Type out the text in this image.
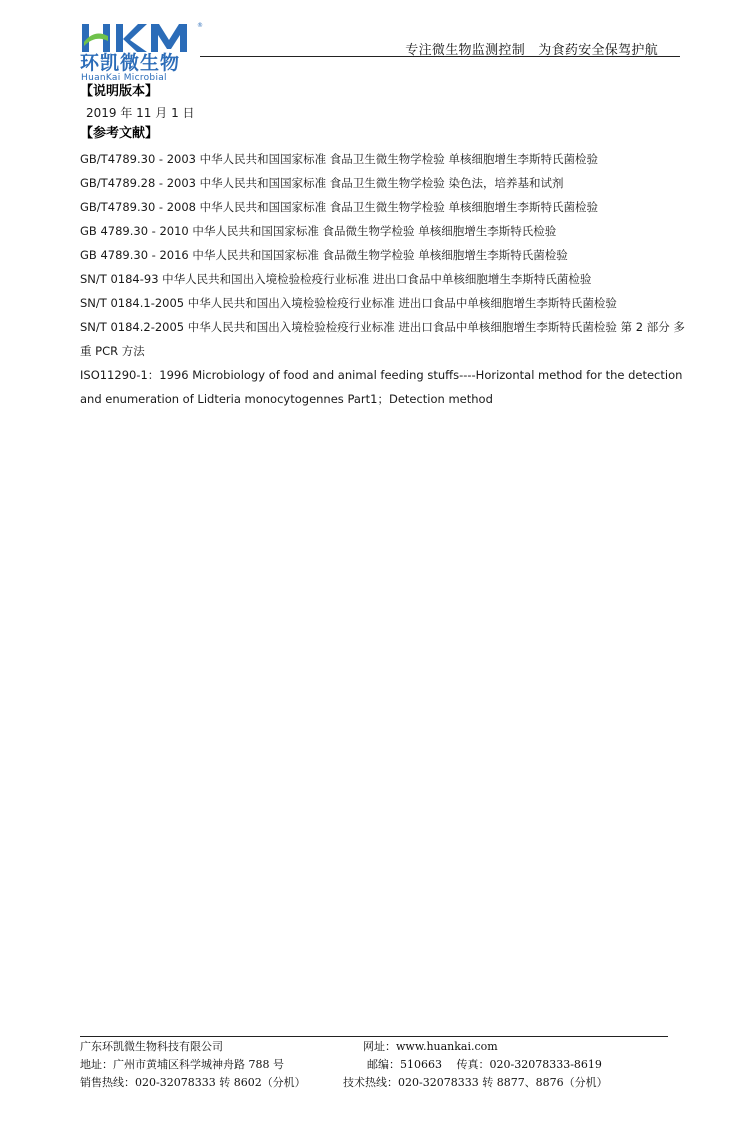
®
环凯微生物
HuanKai Microbial
专注微生物监测控制　为食药安全保驾护航

【说明版本】

2019 年 11 月 1 日

【参考文献】

GB/T4789.30 - 2003 中华人民共和国国家标准 食品卫生微生物学检验 单核细胞增生李斯特氏菌检验
GB/T4789.28 - 2003 中华人民共和国国家标准 食品卫生微生物学检验 染色法，培养基和试剂
GB/T4789.30 - 2008 中华人民共和国国家标准 食品卫生微生物学检验 单核细胞增生李斯特氏菌检验
GB 4789.30 - 2010 中华人民共和国国家标准 食品微生物学检验 单核细胞增生李斯特氏检验
GB 4789.30 - 2016 中华人民共和国国家标准 食品微生物学检验 单核细胞增生李斯特氏菌检验
SN/T 0184-93 中华人民共和国出入境检验检疫行业标准 进出口食品中单核细胞增生李斯特氏菌检验
SN/T 0184.1-2005 中华人民共和国出入境检验检疫行业标准 进出口食品中单核细胞增生李斯特氏菌检验
SN/T 0184.2-2005 中华人民共和国出入境检验检疫行业标准 进出口食品中单核细胞增生李斯特氏菌检验 第 2 部分 多重 PCR 方法
ISO11290-1：1996 Microbiology of food and animal feeding stuffs----Horizontal method for the detection and enumeration of Lidteria monocytogennes Part1；Detection method
广东环凯微生物科技有限公司	网址：www.huankai.com
地址：广州市黄埔区科学城神舟路 788 号	邮编：510663　 传真：020-32078333-8619
销售热线：020-32078333 转 8602（分机）	技术热线：020-32078333 转 8877、8876（分机）
